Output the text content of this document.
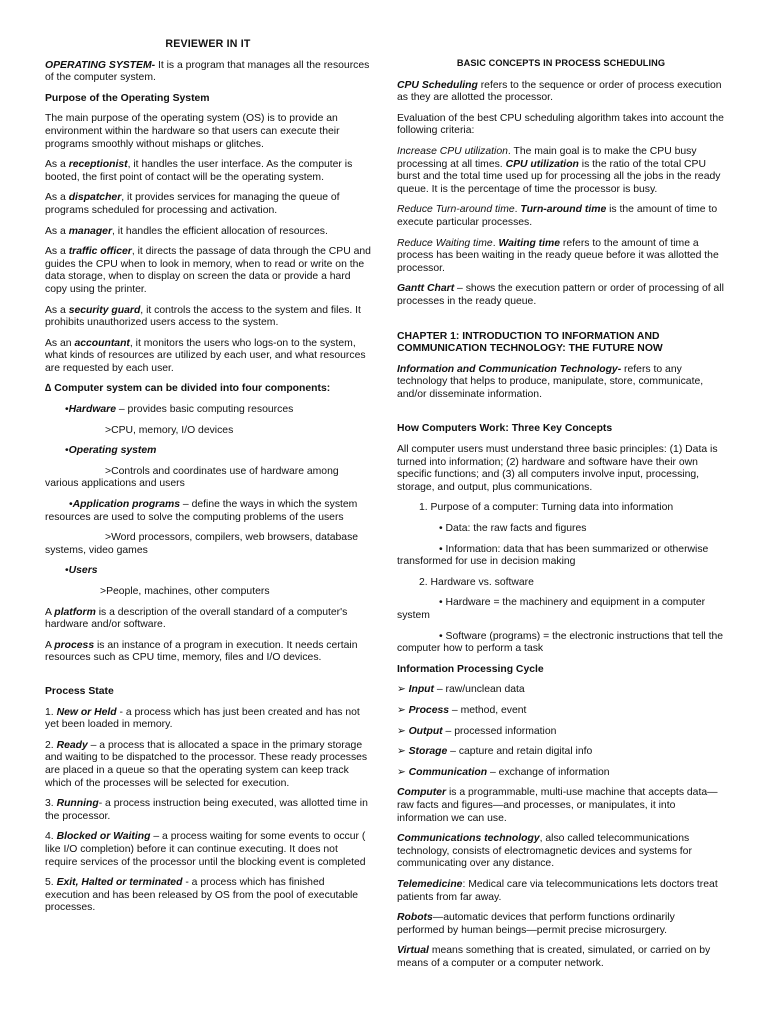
REVIEWER IN IT
OPERATING SYSTEM- It is a program that manages all the resources of the computer system.
Purpose of the Operating System
The main purpose of the operating system (OS) is to provide an environment within the hardware so that users can execute their programs smoothly without mishaps or glitches.
As a receptionist, it handles the user interface. As the computer is booted, the first point of contact will be the operating system.
As a dispatcher, it provides services for managing the queue of programs scheduled for processing and activation.
As a manager, it handles the efficient allocation of resources.
As a traffic officer, it directs the passage of data through the CPU and guides the CPU when to look in memory, when to read or write on the data storage, when to display on screen the data or provide a hard copy using the printer.
As a security guard, it controls the access to the system and files. It prohibits unauthorized users access to the system.
As an accountant, it monitors the users who logs-on to the system, what kinds of resources are utilized by each user, and what resources are requested by each user.
∆ Computer system can be divided into four components:
•Hardware – provides basic computing resources
>CPU, memory, I/O devices
•Operating system
>Controls and coordinates use of hardware among various applications and users
•Application programs – define the ways in which the system resources are used to solve the computing problems of the users
>Word processors, compilers, web browsers, database systems, video games
•Users
>People, machines, other computers
A platform is a description of the overall standard of a computer's hardware and/or software.
A process is an instance of a program in execution. It needs certain resources such as CPU time, memory, files and I/O devices.
Process State
1. New or Held - a process which has just been created and has not yet been loaded in memory.
2. Ready – a process that is allocated a space in the primary storage and waiting to be dispatched to the processor. These ready processes are placed in a queue so that the operating system can keep track which of the processes will be selected for execution.
3. Running- a process instruction being executed, was allotted time in the processor.
4. Blocked or Waiting – a process waiting for some events to occur ( like I/O completion) before it can continue executing. It does not require services of the processor until the blocking event is completed
5. Exit, Halted or terminated - a process which has finished execution and has been released by OS from the pool of executable processes.
BASIC CONCEPTS IN PROCESS SCHEDULING
CPU Scheduling refers to the sequence or order of process execution as they are allotted the processor.
Evaluation of the best CPU scheduling algorithm takes into account the following criteria:
Increase CPU utilization. The main goal is to make the CPU busy processing at all times. CPU utilization is the ratio of the total CPU burst and the total time used up for processing all the jobs in the ready queue. It is the percentage of time the processor is busy.
Reduce Turn-around time. Turn-around time is the amount of time to execute particular processes.
Reduce Waiting time. Waiting time refers to the amount of time a process has been waiting in the ready queue before it was allotted the processor.
Gantt Chart – shows the execution pattern or order of processing of all processes in the ready queue.
CHAPTER 1: INTRODUCTION TO INFORMATION AND COMMUNICATION TECHNOLOGY: THE FUTURE NOW
Information and Communication Technology- refers to any technology that helps to produce, manipulate, store, communicate, and/or disseminate information.
How Computers Work: Three Key Concepts
All computer users must understand three basic principles: (1) Data is turned into information; (2) hardware and software have their own specific functions; and (3) all computers involve input, processing, storage, and output, plus communications.
1. Purpose of a computer: Turning data into information
• Data: the raw facts and figures
• Information: data that has been summarized or otherwise transformed for use in decision making
2. Hardware vs. software
• Hardware = the machinery and equipment in a computer system
• Software (programs) = the electronic instructions that tell the computer how to perform a task
Information Processing Cycle
➢ Input – raw/unclean data
➢ Process – method, event
➢ Output – processed information
➢ Storage – capture and retain digital info
➢ Communication – exchange of information
Computer is a programmable, multi-use machine that accepts data—raw facts and figures—and processes, or manipulates, it into information we can use.
Communications technology, also called telecommunications technology, consists of electromagnetic devices and systems for communicating over any distance.
Telemedicine: Medical care via telecommunications lets doctors treat patients from far away.
Robots—automatic devices that perform functions ordinarily performed by human beings—permit precise microsurgery.
Virtual means something that is created, simulated, or carried on by means of a computer or a computer network.
